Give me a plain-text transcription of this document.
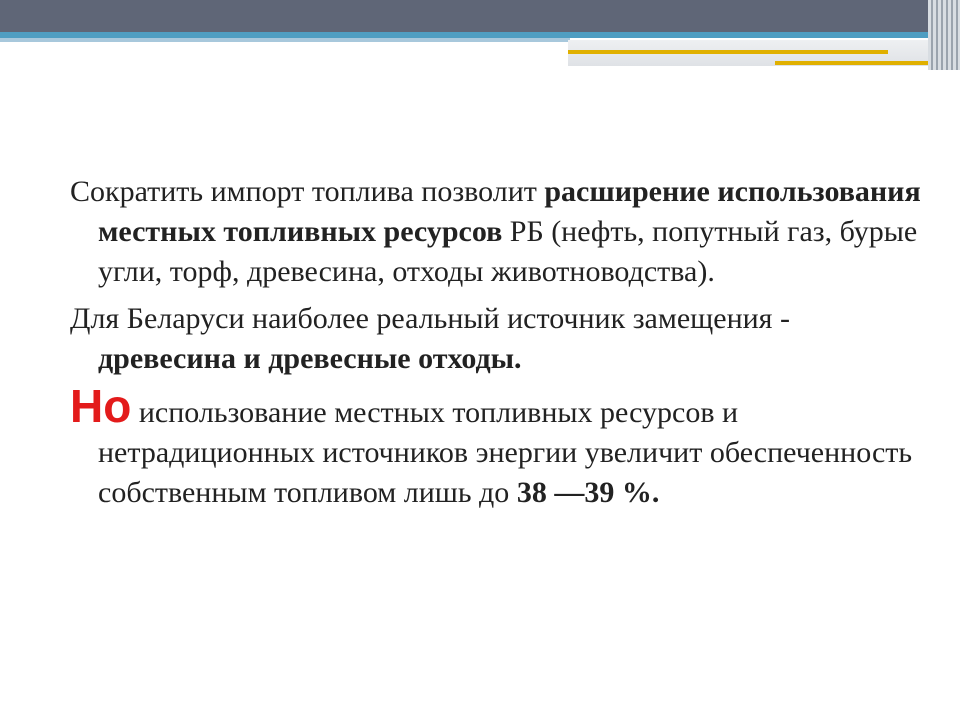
Сократить импорт топлива позволит расширение использования местных топливных ресурсов РБ (нефть, попутный газ, бурые угли, торф, древесина, отходы животноводства).

Для Беларуси наиболее реальный источник замещения - древесина и древесные отходы.

Но использование местных топливных ресурсов и нетрадиционных источников энергии увеличит обеспеченность собственным топливом лишь до 38 —39 %.
